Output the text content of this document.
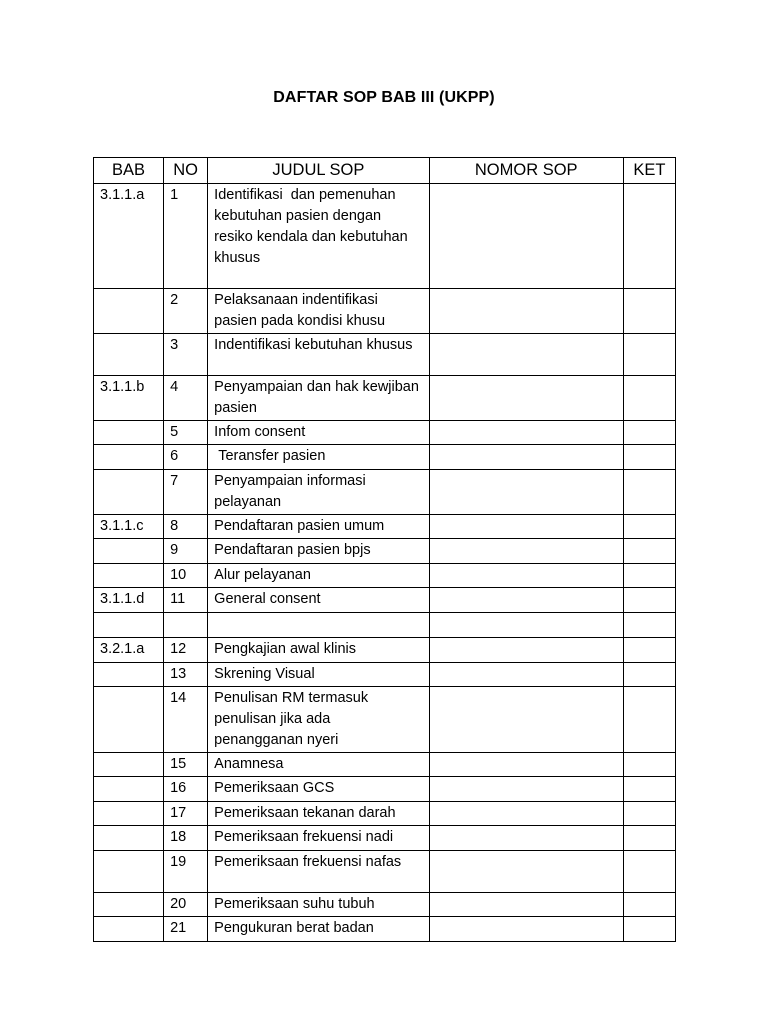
DAFTAR SOP BAB III (UKPP)
BAB	NO	JUDUL SOP	NOMOR SOP	KET
3.1.1.a	1	Identifikasi  dan pemenuhan kebutuhan pasien dengan resiko kendala dan kebutuhan khusus		
	2	Pelaksanaan indentifikasi pasien pada kondisi khusu		
	3	Indentifikasi kebutuhan khusus		
3.1.1.b	4	Penyampaian dan hak kewjiban pasien		
	5	Infom consent		
	6	Teransfer pasien		
	7	Penyampaian informasi pelayanan		
3.1.1.c	8	Pendaftaran pasien umum		
	9	Pendaftaran pasien bpjs		
	10	Alur pelayanan		
3.1.1.d	11	General consent		

3.2.1.a	12	Pengkajian awal klinis		
	13	Skrening Visual		
	14	Penulisan RM termasuk penulisan jika ada penangganan nyeri		
	15	Anamnesa		
	16	Pemeriksaan GCS		
	17	Pemeriksaan tekanan darah		
	18	Pemeriksaan frekuensi nadi		
	19	Pemeriksaan frekuensi nafas		
	20	Pemeriksaan suhu tubuh		
	21	Pengukuran berat badan		
